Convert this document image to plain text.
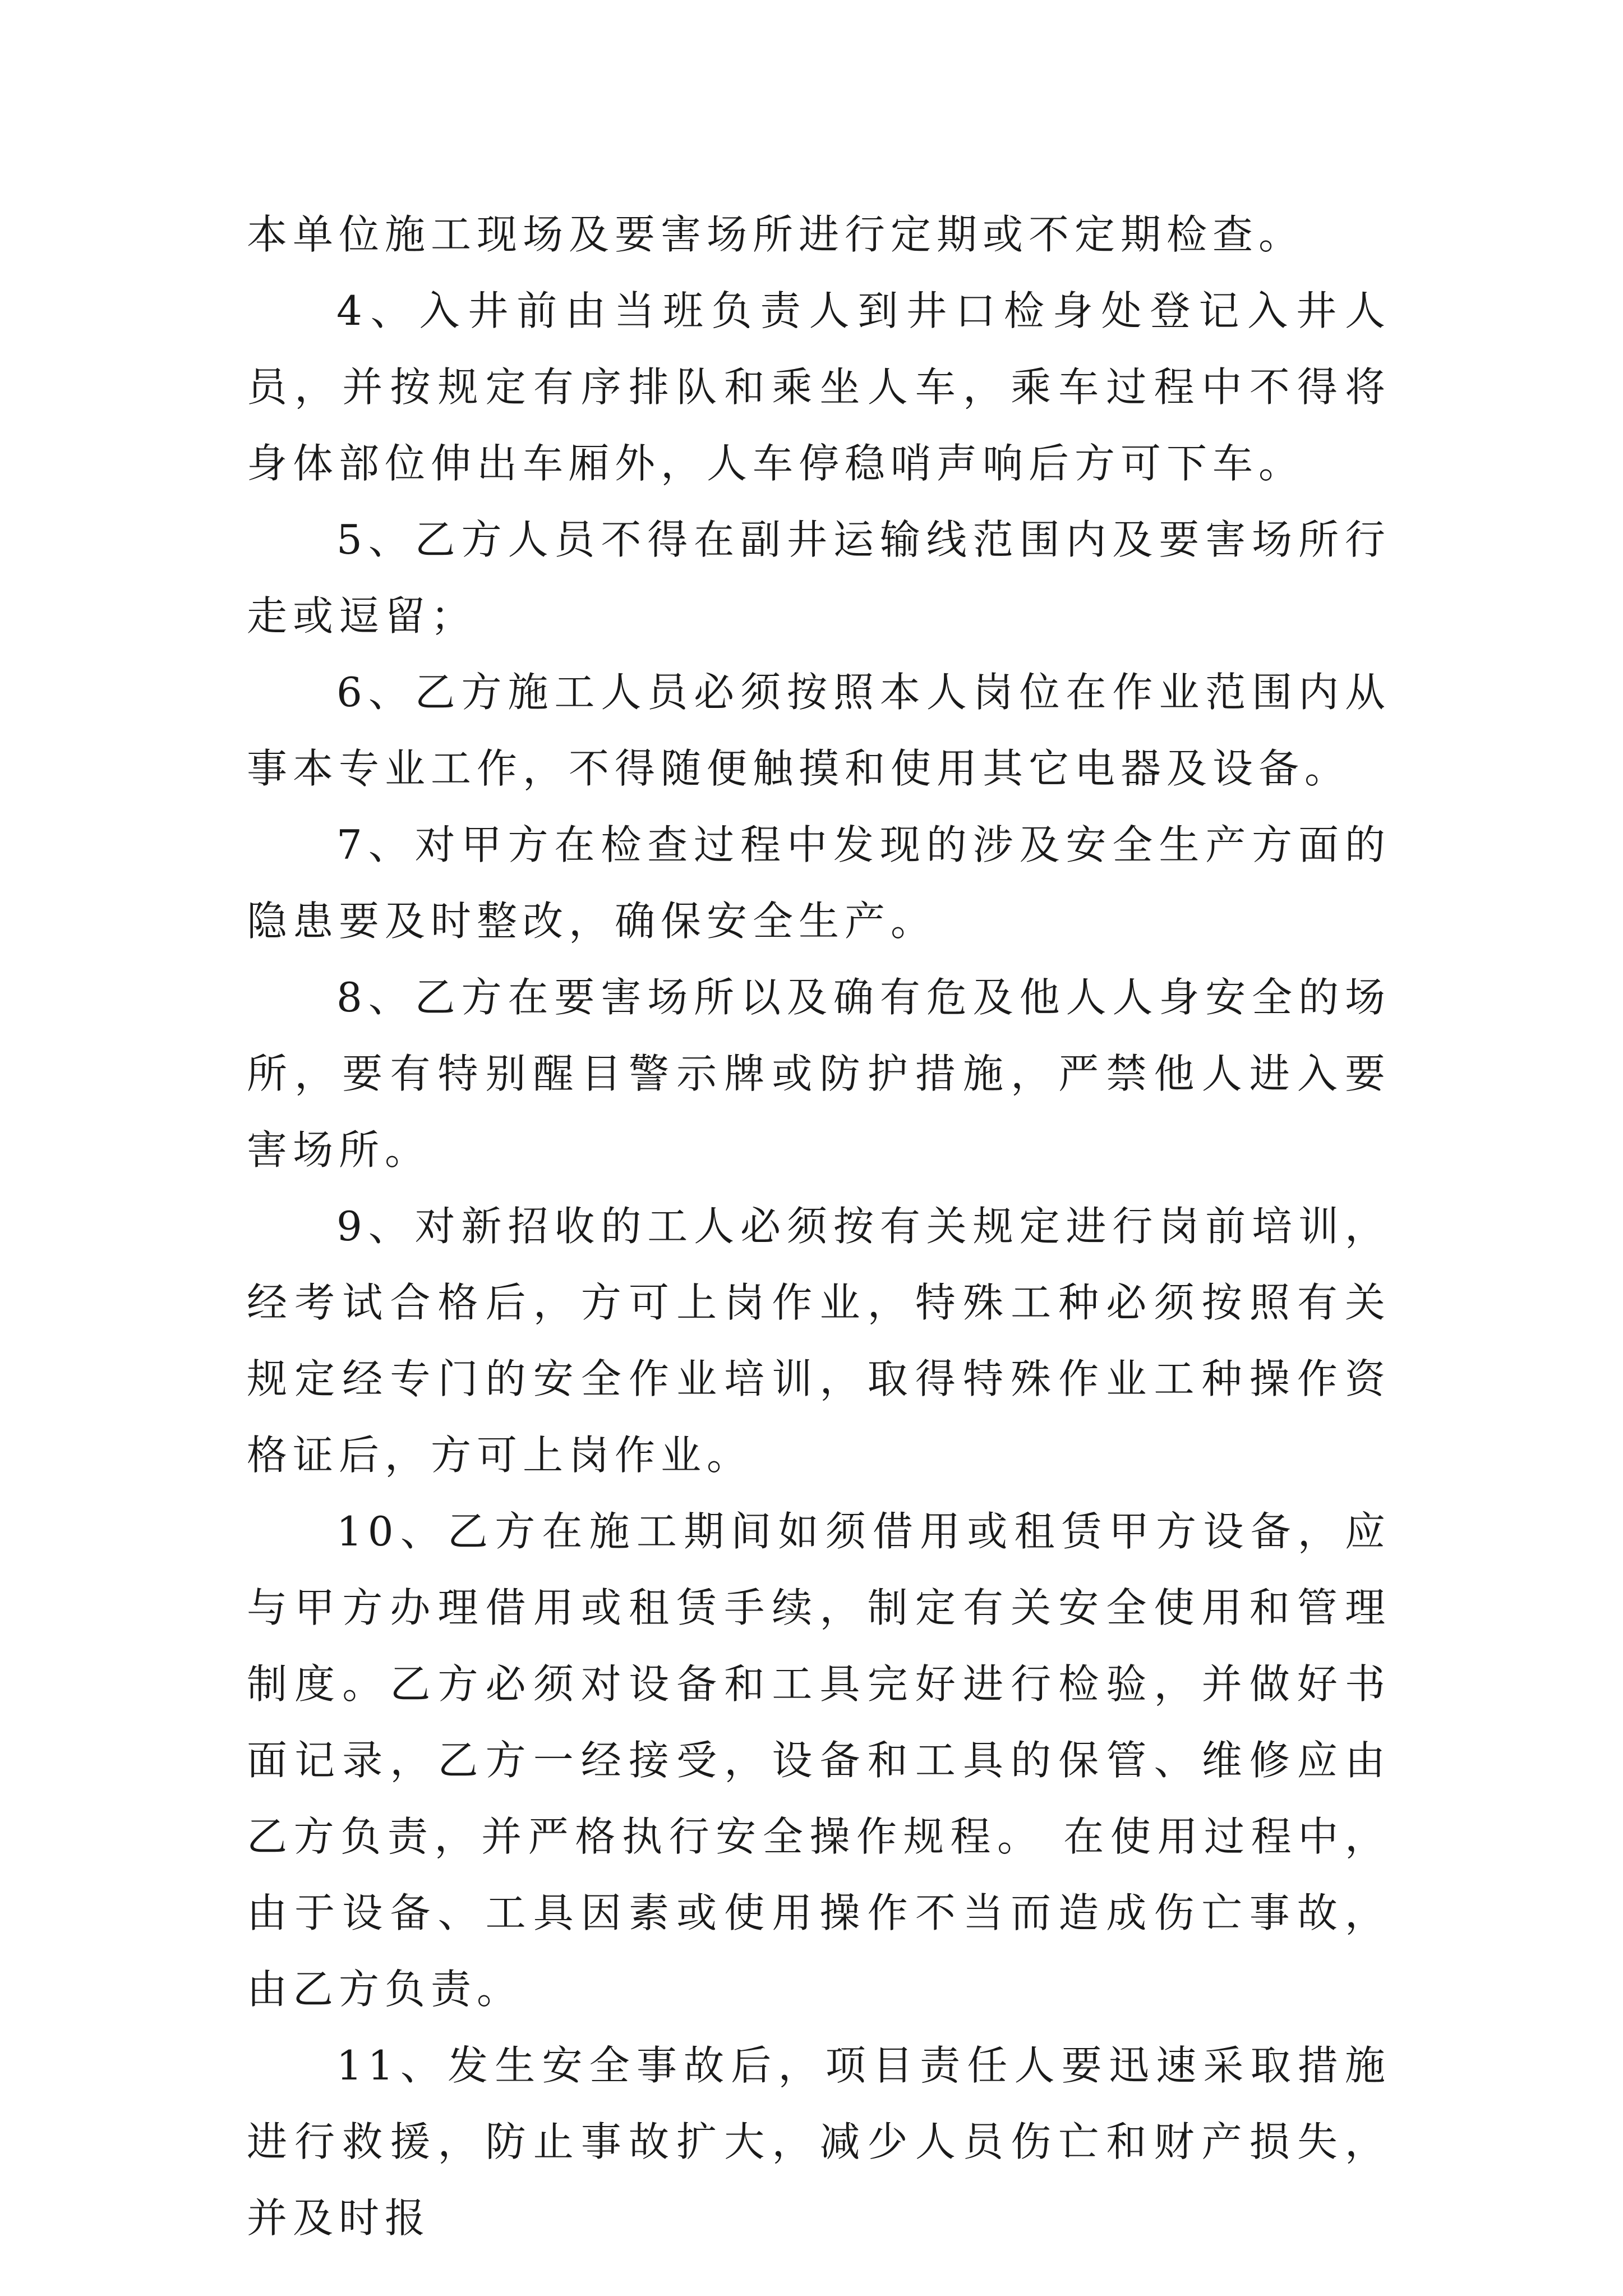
本单位施工现场及要害场所进行定期或不定期检查。

4、入井前由当班负责人到井口检身处登记入井人员，并按规定有序排队和乘坐人车，乘车过程中不得将身体部位伸出车厢外，人车停稳哨声响后方可下车。

5、乙方人员不得在副井运输线范围内及要害场所行走或逗留；

6、乙方施工人员必须按照本人岗位在作业范围内从事本专业工作，不得随便触摸和使用其它电器及设备。

7、对甲方在检查过程中发现的涉及安全生产方面的隐患要及时整改，确保安全生产。

8、乙方在要害场所以及确有危及他人人身安全的场所，要有特别醒目警示牌或防护措施，严禁他人进入要害场所。

9、对新招收的工人必须按有关规定进行岗前培训，经考试合格后，方可上岗作业，特殊工种必须按照有关规定经专门的安全作业培训，取得特殊作业工种操作资格证后，方可上岗作业。

10、乙方在施工期间如须借用或租赁甲方设备，应与甲方办理借用或租赁手续，制定有关安全使用和管理制度。乙方必须对设备和工具完好进行检验，并做好书面记录，乙方一经接受，设备和工具的保管、维修应由乙方负责，并严格执行安全操作规程。 在使用过程中，由于设备、工具因素或使用操作不当而造成伤亡事故，由乙方负责。

11、发生安全事故后，项目责任人要迅速采取措施进行救援，防止事故扩大，减少人员伤亡和财产损失，并及时报
